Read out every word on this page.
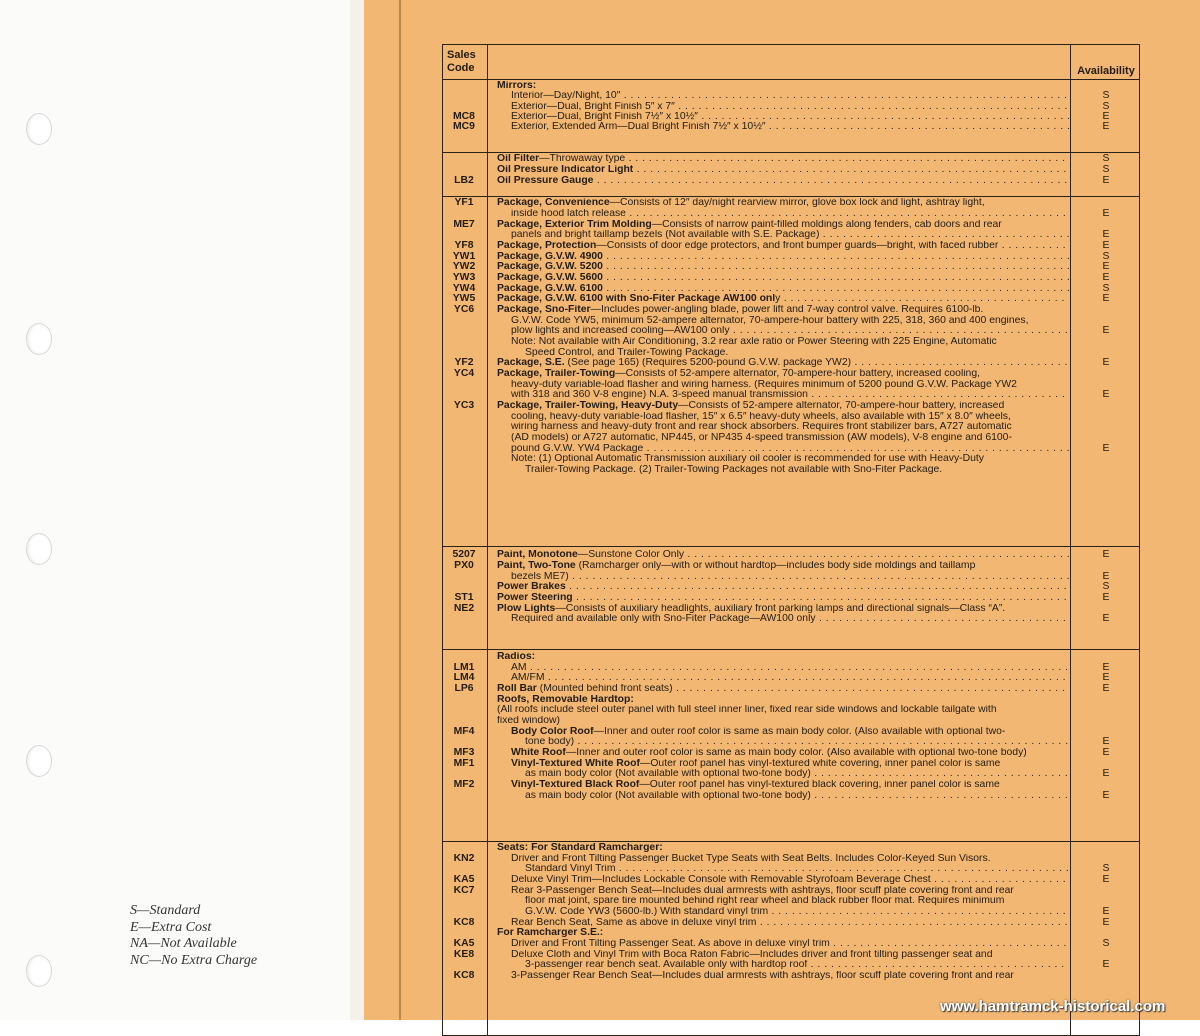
S—Standard
E—Extra Cost
NA—Not Available
NC—No Extra Charge
Sales Code	Availability
Mirrors:
Interior—Day/Night, 10″ . . .	S
Exterior—Dual, Bright Finish 5″ x 7″ . . .	S
MC8	Exterior—Dual, Bright Finish 7½″ x 10½″ . . .	E
MC9	Exterior, Extended Arm—Dual Bright Finish 7½″ x 10½″ . . .	E
Oil Filter—Throwaway type . . .	S
Oil Pressure Indicator Light . . .	S
LB2	Oil Pressure Gauge . . .	E
YF1	Package, Convenience—Consists of 12″ day/night rearview mirror, glove box lock and light, ashtray light,
inside hood latch release . . .	E
ME7	Package, Exterior Trim Molding—Consists of narrow paint-filled moldings along fenders, cab doors and rear
panels and bright taillamp bezels (Not available with S.E. Package) . . .	E
YF8	Package, Protection—Consists of door edge protectors, and front bumper guards—bright, with faced rubber . . .	E
YW1	Package, G.V.W. 4900 . . .	S
YW2	Package, G.V.W. 5200 . . .	E
YW3	Package, G.V.W. 5600 . . .	E
YW4	Package, G.V.W. 6100 . . .	S
YW5	Package, G.V.W. 6100 with Sno-Fiter Package AW100 only . . .	E
YC6	Package, Sno-Fiter—Includes power-angling blade, power lift and 7-way control valve. Requires 6100-lb.
G.V.W. Code YW5, minimum 52-ampere alternator, 70-ampere-hour battery with 225, 318, 360 and 400 engines,
plow lights and increased cooling—AW100 only . . .	E
Note: Not available with Air Conditioning, 3.2 rear axle ratio or Power Steering with 225 Engine, Automatic
Speed Control, and Trailer-Towing Package.
YF2	Package, S.E. (See page 165) (Requires 5200-pound G.V.W. package YW2) . . .	E
YC4	Package, Trailer-Towing—Consists of 52-ampere alternator, 70-ampere-hour battery, increased cooling,
heavy-duty variable-load flasher and wiring harness. (Requires minimum of 5200 pound G.V.W. Package YW2
with 318 and 360 V-8 engine) N.A. 3-speed manual transmission . . .	E
YC3	Package, Trailer-Towing, Heavy-Duty—Consists of 52-ampere alternator, 70-ampere-hour battery, increased
cooling, heavy-duty variable-load flasher, 15″ x 6.5″ heavy-duty wheels, also available with 15″ x 8.0″ wheels,
wiring harness and heavy-duty front and rear shock absorbers. Requires front stabilizer bars, A727 automatic
(AD models) or A727 automatic, NP445, or NP435 4-speed transmission (AW models), V-8 engine and 6100-
pound G.V.W. YW4 Package . . .	E
Note: (1) Optional Automatic Transmission auxiliary oil cooler is recommended for use with Heavy-Duty
Trailer-Towing Package. (2) Trailer-Towing Packages not available with Sno-Fiter Package.
5207	Paint, Monotone—Sunstone Color Only . . .	E
PX0	Paint, Two-Tone (Ramcharger only—with or without hardtop—includes body side moldings and taillamp
bezels ME7) . . .	E
Power Brakes . . .	S
ST1	Power Steering . . .	E
NE2	Plow Lights—Consists of auxiliary headlights, auxiliary front parking lamps and directional signals—Class “A”.
Required and available only with Sno-Fiter Package—AW100 only . . .	E
Radios:
LM1	AM . . .	E
LM4	AM/FM . . .	E
LP6	Roll Bar (Mounted behind front seats) . . .	E
Roofs, Removable Hardtop:
(All roofs include steel outer panel with full steel inner liner, fixed rear side windows and lockable tailgate with
fixed window)
MF4	Body Color Roof—Inner and outer roof color is same as main body color. (Also available with optional two-
tone body) . . .	E
MF3	White Roof—Inner and outer roof color is same as main body color. (Also available with optional two-tone body)	E
MF1	Vinyl-Textured White Roof—Outer roof panel has vinyl-textured white covering, inner panel color is same
as main body color (Not available with optional two-tone body) . . .	E
MF2	Vinyl-Textured Black Roof—Outer roof panel has vinyl-textured black covering, inner panel color is same
as main body color (Not available with optional two-tone body) . . .	E
Seats: For Standard Ramcharger:
KN2	Driver and Front Tilting Passenger Bucket Type Seats with Seat Belts. Includes Color-Keyed Sun Visors.
Standard Vinyl Trim . . .	S
KA5	Deluxe Vinyl Trim—Includes Lockable Console with Removable Styrofoam Beverage Chest . . .	E
KC7	Rear 3-Passenger Bench Seat—Includes dual armrests with ashtrays, floor scuff plate covering front and rear
floor mat joint, spare tire mounted behind right rear wheel and black rubber floor mat. Requires minimum
G.V.W. Code YW3 (5600-lb.) With standard vinyl trim . . .	E
KC8	Rear Bench Seat, Same as above in deluxe vinyl trim . . .	E
For Ramcharger S.E.:
KA5	Driver and Front Tilting Passenger Seat. As above in deluxe vinyl trim . . .	S
KE8	Deluxe Cloth and Vinyl Trim with Boca Raton Fabric—Includes driver and front tilting passenger seat and
3-passenger rear bench seat. Available only with hardtop roof . . .	E
KC8	3-Passenger Rear Bench Seat—Includes dual armrests with ashtrays, floor scuff plate covering front and rear
www.hamtramck-historical.com
